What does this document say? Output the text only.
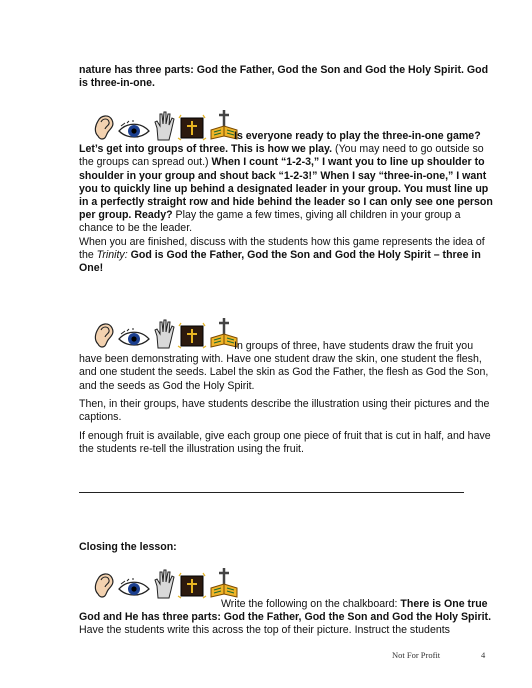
nature has three parts: God the Father, God the Son and God the Holy Spirit. God is three-in-one.

Is everyone ready to play the three-in-one game? Let’s get into groups of three. This is how we play. (You may need to go outside so the groups can spread out.) When I count “1-2-3,” I want you to line up shoulder to shoulder in your group and shout back “1-2-3!” When I say “three-in-one,” I want you to quickly line up behind a designated leader in your group. You must line up in a perfectly straight row and hide behind the leader so I can only see one person per group. Ready? Play the game a few times, giving all children in your group a chance to be the leader.

When you are finished, discuss with the students how this game represents the idea of the Trinity: God is God the Father, God the Son and God the Holy Spirit – three in One!

In groups of three, have students draw the fruit you have been demonstrating with. Have one student draw the skin, one student the flesh, and one student the seeds. Label the skin as God the Father, the flesh as God the Son, and the seeds as God the Holy Spirit.

Then, in their groups, have students describe the illustration using their pictures and the captions.

If enough fruit is available, give each group one piece of fruit that is cut in half, and have the students re-tell the illustration using the fruit.

Closing the lesson:

Write the following on the chalkboard: There is One true God and He has three parts: God the Father, God the Son and God the Holy Spirit. Have the students write this across the top of their picture. Instruct the students

Not For Profit	4
